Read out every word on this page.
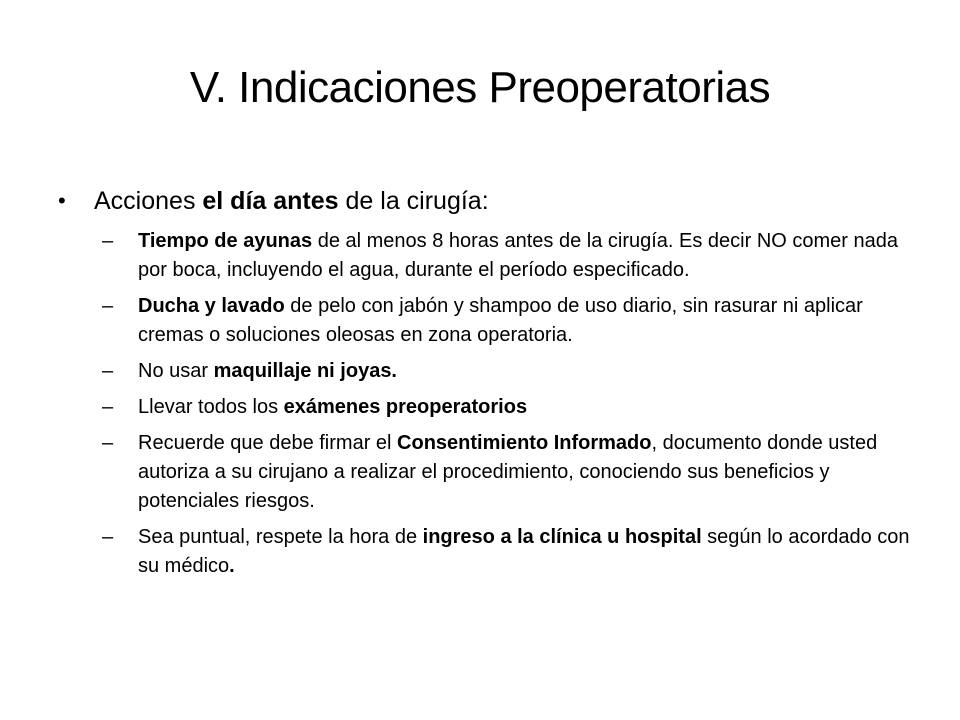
V. Indicaciones Preoperatorias
• Acciones el día antes de la cirugía:
– Tiempo de ayunas de al menos 8 horas antes de la cirugía. Es decir NO comer nada por boca, incluyendo el agua, durante el período especificado.
– Ducha y lavado de pelo con jabón y shampoo de uso diario, sin rasurar ni aplicar cremas o soluciones oleosas en zona operatoria.
– No usar maquillaje ni joyas.
– Llevar todos los exámenes preoperatorios
– Recuerde que debe firmar el Consentimiento Informado, documento donde usted autoriza a su cirujano a realizar el procedimiento, conociendo sus beneficios y potenciales riesgos.
– Sea puntual, respete la hora de ingreso a la clínica u hospital según lo acordado con su médico.
